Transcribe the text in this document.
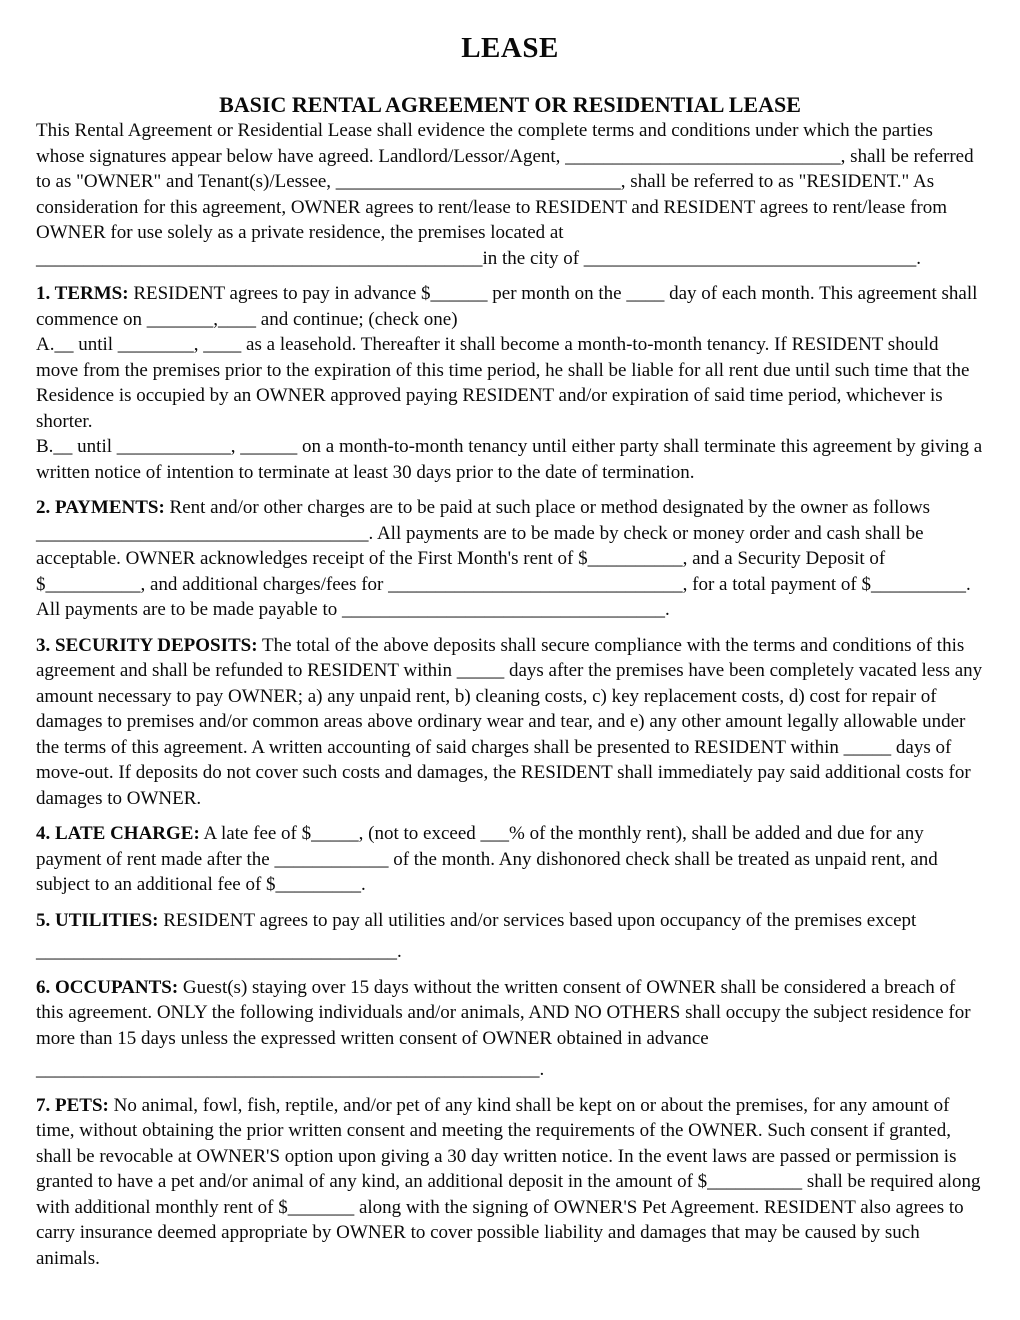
LEASE
BASIC RENTAL AGREEMENT OR RESIDENTIAL LEASE

This Rental Agreement or Residential Lease shall evidence the complete terms and conditions under which the parties whose signatures appear below have agreed. Landlord/Lessor/Agent, _____________________________, shall be referred to as "OWNER" and Tenant(s)/Lessee, ______________________________, shall be referred to as "RESIDENT." As consideration for this agreement, OWNER agrees to rent/lease to RESIDENT and RESIDENT agrees to rent/lease from OWNER for use solely as a private residence, the premises located at _______________________________________________in the city of ___________________________________.

1. TERMS: RESIDENT agrees to pay in advance $______ per month on the ____ day of each month. This agreement shall commence on _______,____ and continue; (check one)

A.__ until ________, ____ as a leasehold. Thereafter it shall become a month-to-month tenancy. If RESIDENT should move from the premises prior to the expiration of this time period, he shall be liable for all rent due until such time that the Residence is occupied by an OWNER approved paying RESIDENT and/or expiration of said time period, whichever is shorter.

B.__ until ____________, ______ on a month-to-month tenancy until either party shall terminate this agreement by giving a written notice of intention to terminate at least 30 days prior to the date of termination.

2. PAYMENTS: Rent and/or other charges are to be paid at such place or method designated by the owner as follows ___________________________________. All payments are to be made by check or money order and cash shall be acceptable. OWNER acknowledges receipt of the First Month's rent of $__________, and a Security Deposit of $__________, and additional charges/fees for _______________________________, for a total payment of $__________. All payments are to be made payable to __________________________________.

3. SECURITY DEPOSITS: The total of the above deposits shall secure compliance with the terms and conditions of this agreement and shall be refunded to RESIDENT within _____ days after the premises have been completely vacated less any amount necessary to pay OWNER; a) any unpaid rent, b) cleaning costs, c) key replacement costs, d) cost for repair of damages to premises and/or common areas above ordinary wear and tear, and e) any other amount legally allowable under the terms of this agreement. A written accounting of said charges shall be presented to RESIDENT within _____ days of move-out. If deposits do not cover such costs and damages, the RESIDENT shall immediately pay said additional costs for damages to OWNER.

4. LATE CHARGE: A late fee of $_____, (not to exceed ___% of the monthly rent), shall be added and due for any payment of rent made after the ____________ of the month. Any dishonored check shall be treated as unpaid rent, and subject to an additional fee of $_________.

5. UTILITIES: RESIDENT agrees to pay all utilities and/or services based upon occupancy of the premises except

______________________________________.

6. OCCUPANTS: Guest(s) staying over 15 days without the written consent of OWNER shall be considered a breach of this agreement. ONLY the following individuals and/or animals, AND NO OTHERS shall occupy the subject residence for more than 15 days unless the expressed written consent of OWNER obtained in advance

_____________________________________________________.

7. PETS: No animal, fowl, fish, reptile, and/or pet of any kind shall be kept on or about the premises, for any amount of time, without obtaining the prior written consent and meeting the requirements of the OWNER. Such consent if granted, shall be revocable at OWNER'S option upon giving a 30 day written notice. In the event laws are passed or permission is granted to have a pet and/or animal of any kind, an additional deposit in the amount of $__________ shall be required along with additional monthly rent of $_______ along with the signing of OWNER'S Pet Agreement. RESIDENT also agrees to carry insurance deemed appropriate by OWNER to cover possible liability and damages that may be caused by such animals.
